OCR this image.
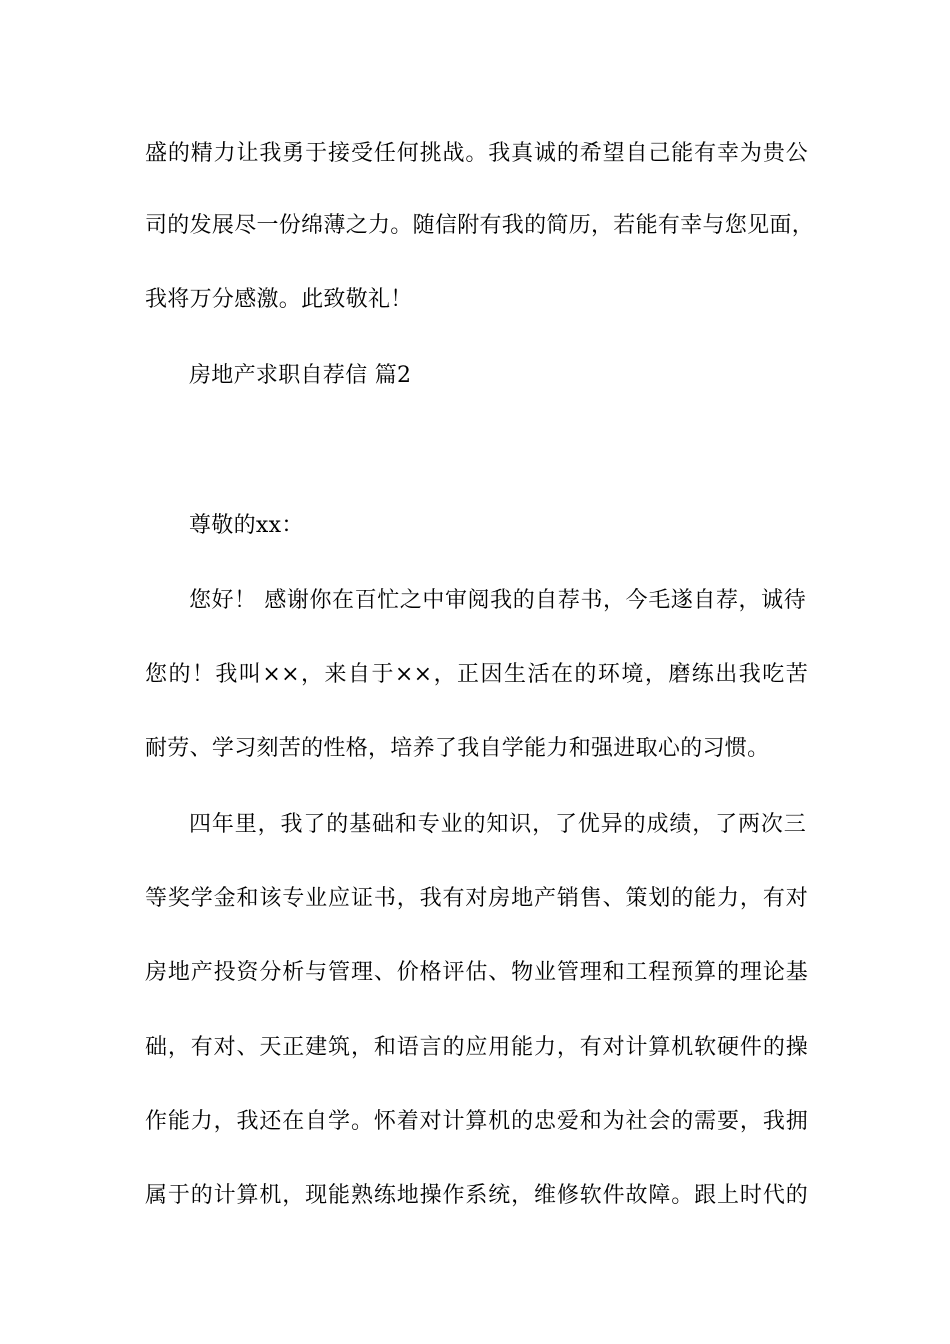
盛的精力让我勇于接受任何挑战。我真诚的希望自己能有幸为贵公
司的发展尽一份绵薄之力。随信附有我的简历，若能有幸与您见面，
我将万分感激。此致敬礼！
房地产求职自荐信 篇2
尊敬的xx：
您好！ 感谢你在百忙之中审阅我的自荐书，今毛遂自荐，诚待
您的！我叫××，来自于××，正因生活在的环境，磨练出我吃苦
耐劳、学习刻苦的性格，培养了我自学能力和强进取心的习惯。
四年里，我了的基础和专业的知识，了优异的成绩，了两次三
等奖学金和该专业应证书，我有对房地产销售、策划的能力，有对
房地产投资分析与管理、价格评估、物业管理和工程预算的理论基
础，有对、天正建筑，和语言的应用能力，有对计算机软硬件的操
作能力，我还在自学。怀着对计算机的忠爱和为社会的需要，我拥
属于的计算机，现能熟练地操作系统，维修软件故障。跟上时代的
